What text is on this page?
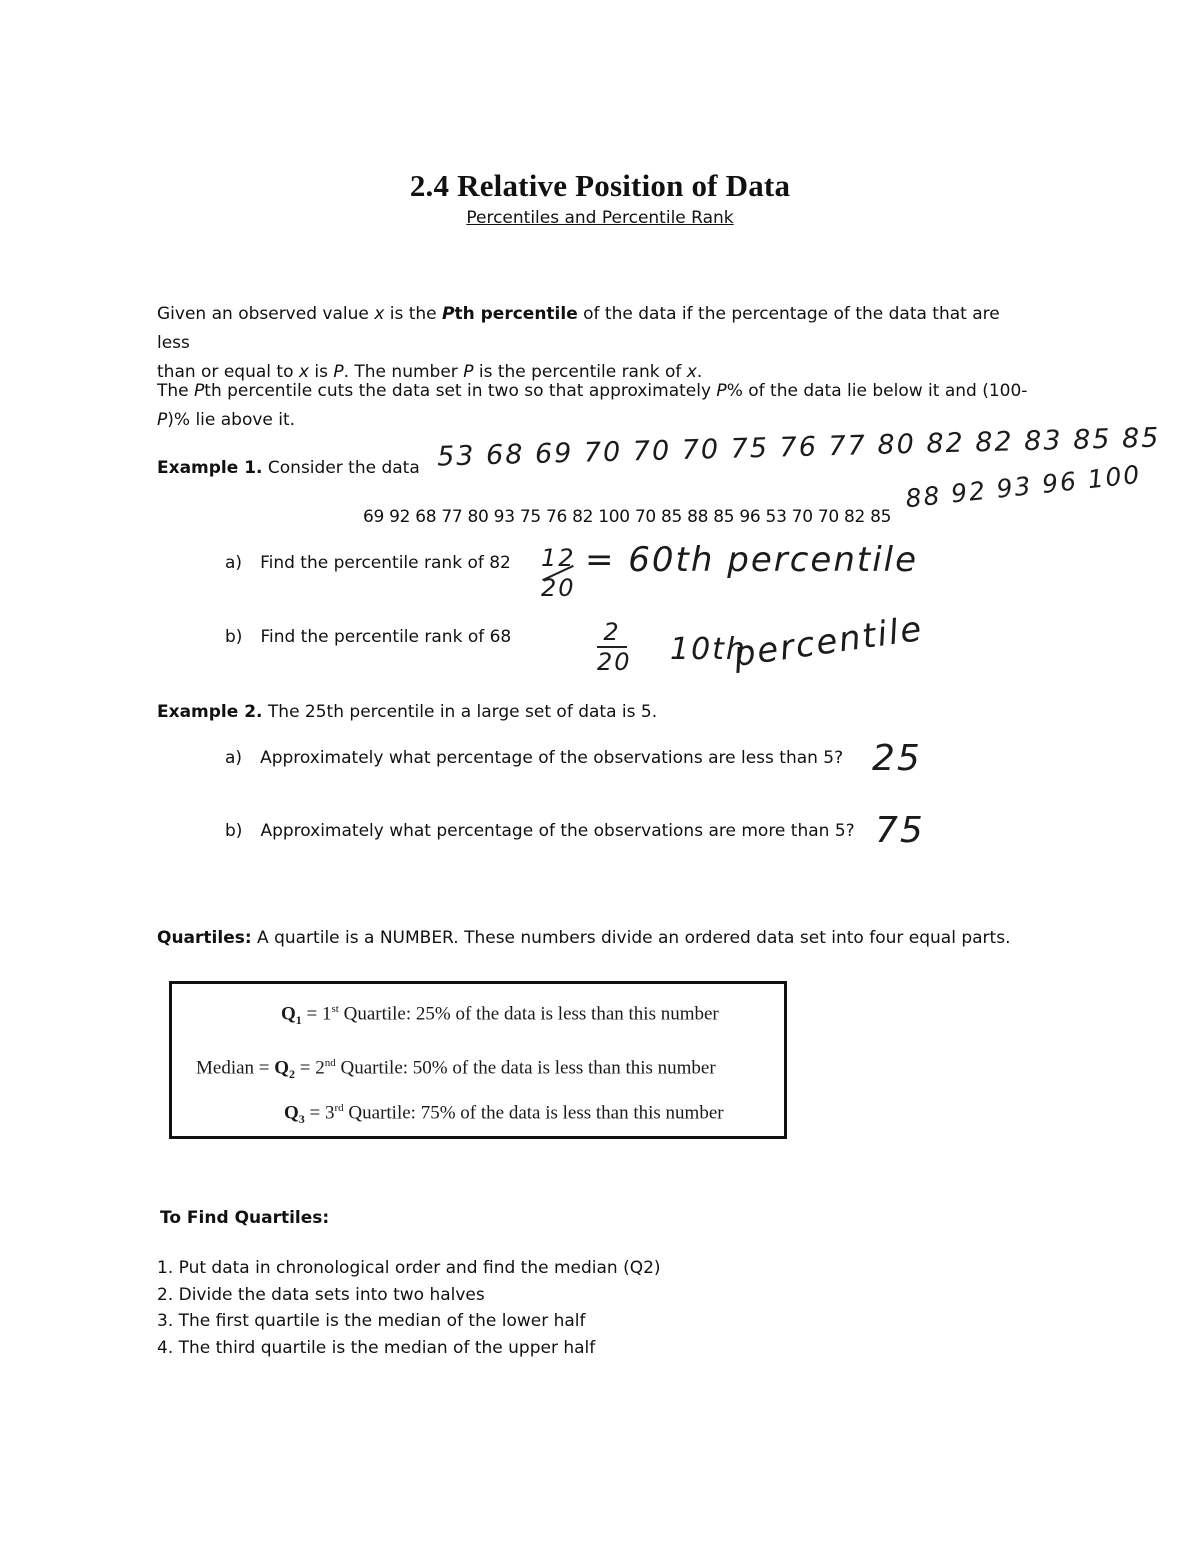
2.4 Relative Position of Data
Percentiles and Percentile Rank
Given an observed value x is the Pth percentile of the data if the percentage of the data that are less
than or equal to x is P. The number P is the percentile rank of x.
The Pth percentile cuts the data set in two so that approximately P% of the data lie below it and (100-
P)% lie above it.
Example 1. Consider the data 53 68 69 70 70 70 75 76 77 80 82 82 83 85 85
88 92 93 96 100
69 92 68 77 80 93 75 76 82 100 70 85 88 85 96 53 70 70 82 85
a) Find the percentile rank of 82 12
20
= 60th percentile
b) Find the percentile rank of 68	2
20 10th
percentile
Example 2. The 25th percentile in a large set of data is 5.
a) Approximately what percentage of the observations are less than 5? 25
b) Approximately what percentage of the observations are more than 5? 75
Quartiles: A quartile is a NUMBER. These numbers divide an ordered data set into four equal parts.
$Q_1 = 1st$ Quartile: 25% of the data is less than this number
Median = $Q_2 = 2nd$ Quartile: 50% of the data is less than this number
$Q_3 = 3rd$ Quartile: 75% of the data is less than this number
To Find Quartiles:
1. Put data in chronological order and find the median (Q2)
2. Divide the data sets into two halves
3. The first quartile is the median of the lower half
4. The third quartile is the median of the upper half
